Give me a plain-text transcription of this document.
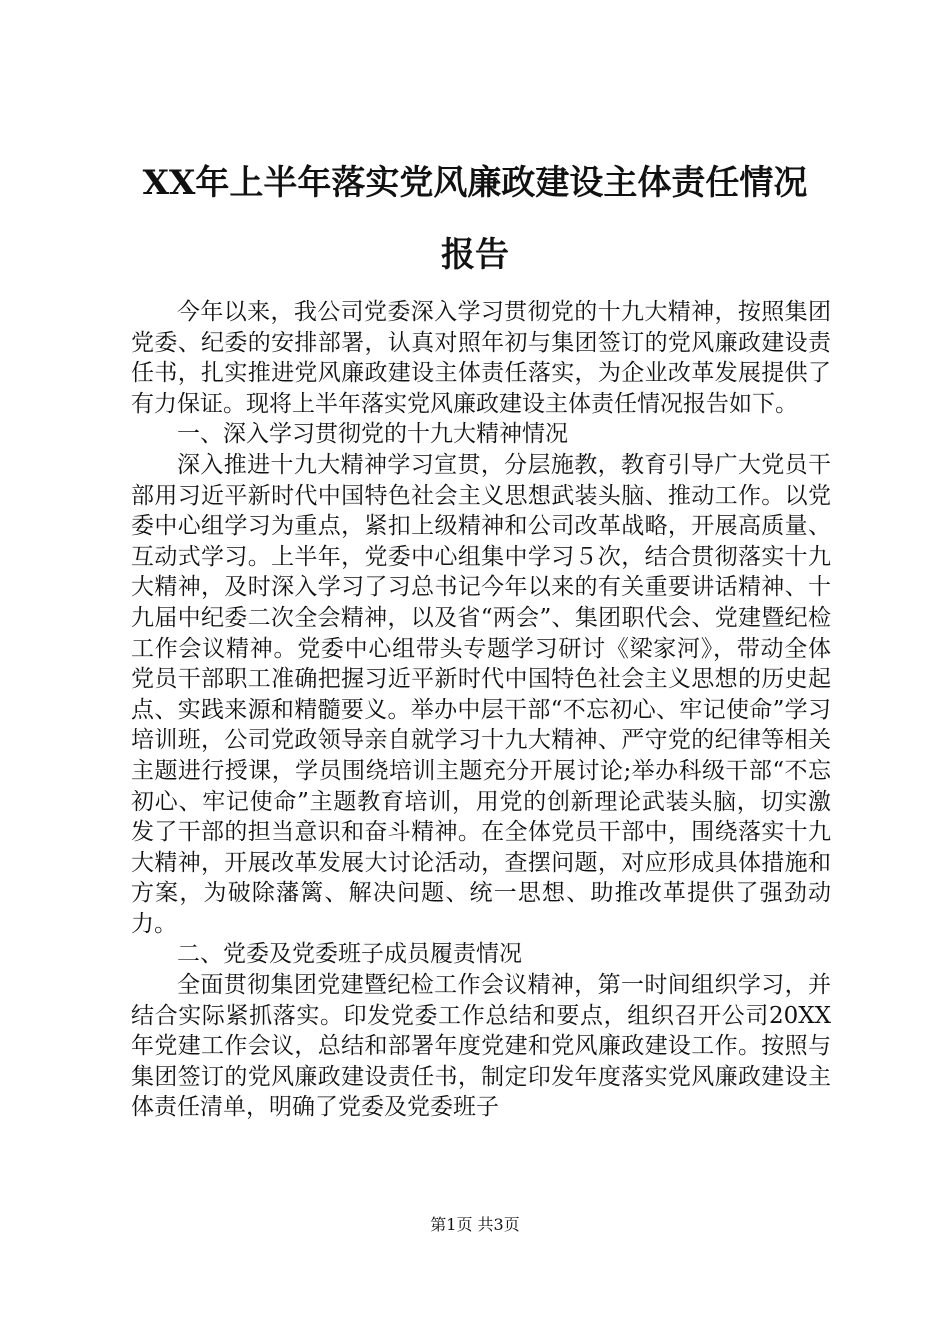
XX年上半年落实党风廉政建设主体责任情况
报告

今年以来，我公司党委深入学习贯彻党的十九大精神，按照集团党委、纪委的安排部署，认真对照年初与集团签订的党风廉政建设责任书，扎实推进党风廉政建设主体责任落实，为企业改革发展提供了有力保证。现将上半年落实党风廉政建设主体责任情况报告如下。

一、深入学习贯彻党的十九大精神情况

深入推进十九大精神学习宣贯，分层施教，教育引导广大党员干部用习近平新时代中国特色社会主义思想武装头脑、推动工作。以党委中心组学习为重点，紧扣上级精神和公司改革战略，开展高质量、互动式学习。上半年，党委中心组集中学习５次，结合贯彻落实十九大精神，及时深入学习了习总书记今年以来的有关重要讲话精神、十九届中纪委二次全会精神，以及省“两会”、集团职代会、党建暨纪检工作会议精神。党委中心组带头专题学习研讨《梁家河》，带动全体党员干部职工准确把握习近平新时代中国特色社会主义思想的历史起点、实践来源和精髓要义。举办中层干部“不忘初心、牢记使命”学习培训班，公司党政领导亲自就学习十九大精神、严守党的纪律等相关主题进行授课，学员围绕培训主题充分开展讨论;举办科级干部“不忘初心、牢记使命”主题教育培训，用党的创新理论武装头脑，切实激发了干部的担当意识和奋斗精神。在全体党员干部中，围绕落实十九大精神，开展改革发展大讨论活动，查摆问题，对应形成具体措施和方案，为破除藩篱、解决问题、统一思想、助推改革提供了强劲动力。

二、党委及党委班子成员履责情况

全面贯彻集团党建暨纪检工作会议精神，第一时间组织学习，并结合实际紧抓落实。印发党委工作总结和要点，组织召开公司20XX年党建工作会议，总结和部署年度党建和党风廉政建设工作。按照与集团签订的党风廉政建设责任书，制定印发年度落实党风廉政建设主体责任清单，明确了党委及党委班子

第1页 共3页
